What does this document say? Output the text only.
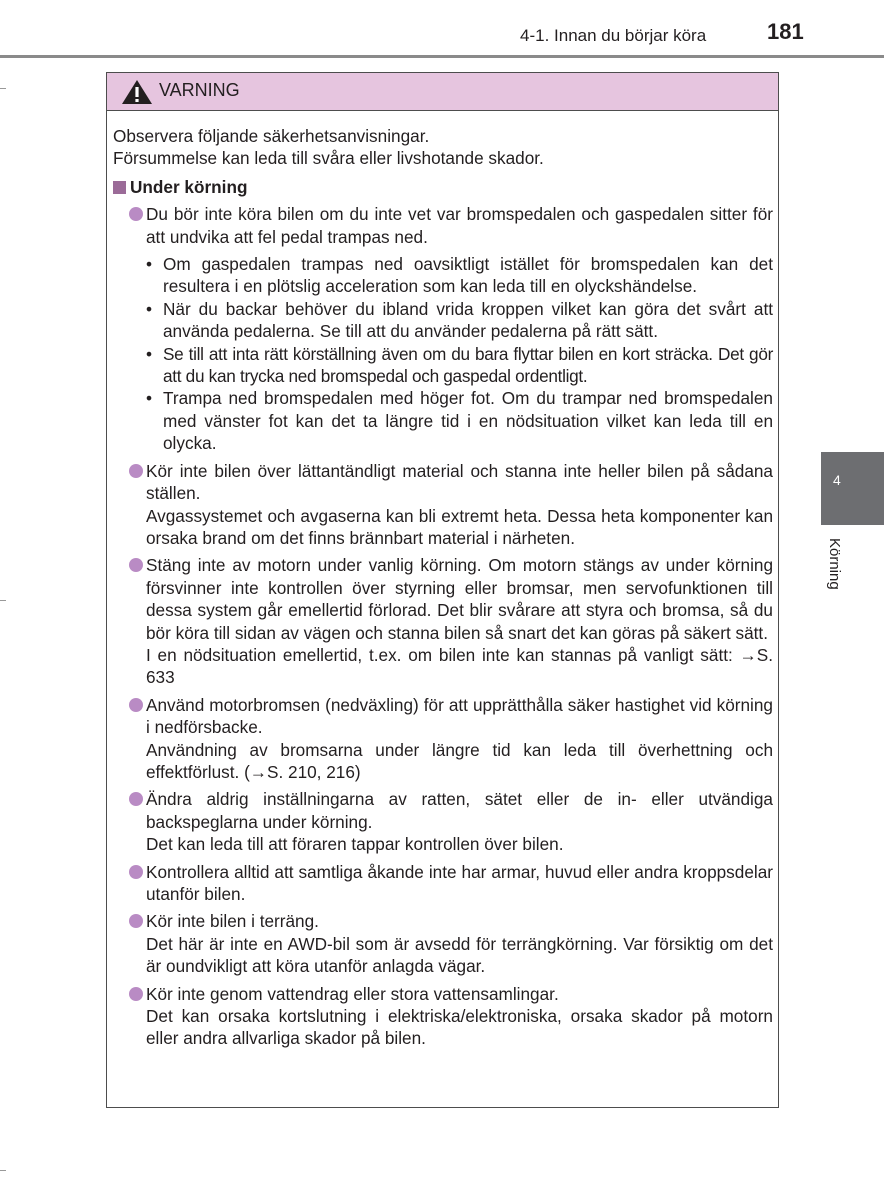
4-1. Innan du börjar köra	181
4
Körning
VARNING

Observera följande säkerhetsanvisningar.

Försummelse kan leda till svåra eller livshotande skador.

Under körning

Du bör inte köra bilen om du inte vet var bromspedalen och gaspedalen sitter för att undvika att fel pedal trampas ned.

• Om gaspedalen trampas ned oavsiktligt istället för bromspedalen kan det resultera i en plötslig acceleration som kan leda till en olyckshändelse.

• När du backar behöver du ibland vrida kroppen vilket kan göra det svårt att använda pedalerna. Se till att du använder pedalerna på rätt sätt.

• Se till att inta rätt körställning även om du bara flyttar bilen en kort sträcka. Det gör att du kan trycka ned bromspedal och gaspedal ordentligt.

• Trampa ned bromspedalen med höger fot. Om du trampar ned bromspedalen med vänster fot kan det ta längre tid i en nödsituation vilket kan leda till en olycka.

Kör inte bilen över lättantändligt material och stanna inte heller bilen på sådana ställen.

Avgassystemet och avgaserna kan bli extremt heta. Dessa heta komponenter kan orsaka brand om det finns brännbart material i närheten.

Stäng inte av motorn under vanlig körning. Om motorn stängs av under körning försvinner inte kontrollen över styrning eller bromsar, men servofunktionen till dessa system går emellertid förlorad. Det blir svårare att styra och bromsa, så du bör köra till sidan av vägen och stanna bilen så snart det kan göras på säkert sätt.

I en nödsituation emellertid, t.ex. om bilen inte kan stannas på vanligt sätt: →S. 633

Använd motorbromsen (nedväxling) för att upprätthålla säker hastighet vid körning i nedförsbacke.

Användning av bromsarna under längre tid kan leda till överhettning och effektförlust. (→S. 210, 216)

Ändra aldrig inställningarna av ratten, sätet eller de in- eller utvändiga backspeglarna under körning.

Det kan leda till att föraren tappar kontrollen över bilen.

Kontrollera alltid att samtliga åkande inte har armar, huvud eller andra kroppsdelar utanför bilen.

Kör inte bilen i terräng.

Det här är inte en AWD-bil som är avsedd för terrängkörning. Var försiktig om det är oundvikligt att köra utanför anlagda vägar.

Kör inte genom vattendrag eller stora vattensamlingar.

Det kan orsaka kortslutning i elektriska/elektroniska, orsaka skador på motorn eller andra allvarliga skador på bilen.
